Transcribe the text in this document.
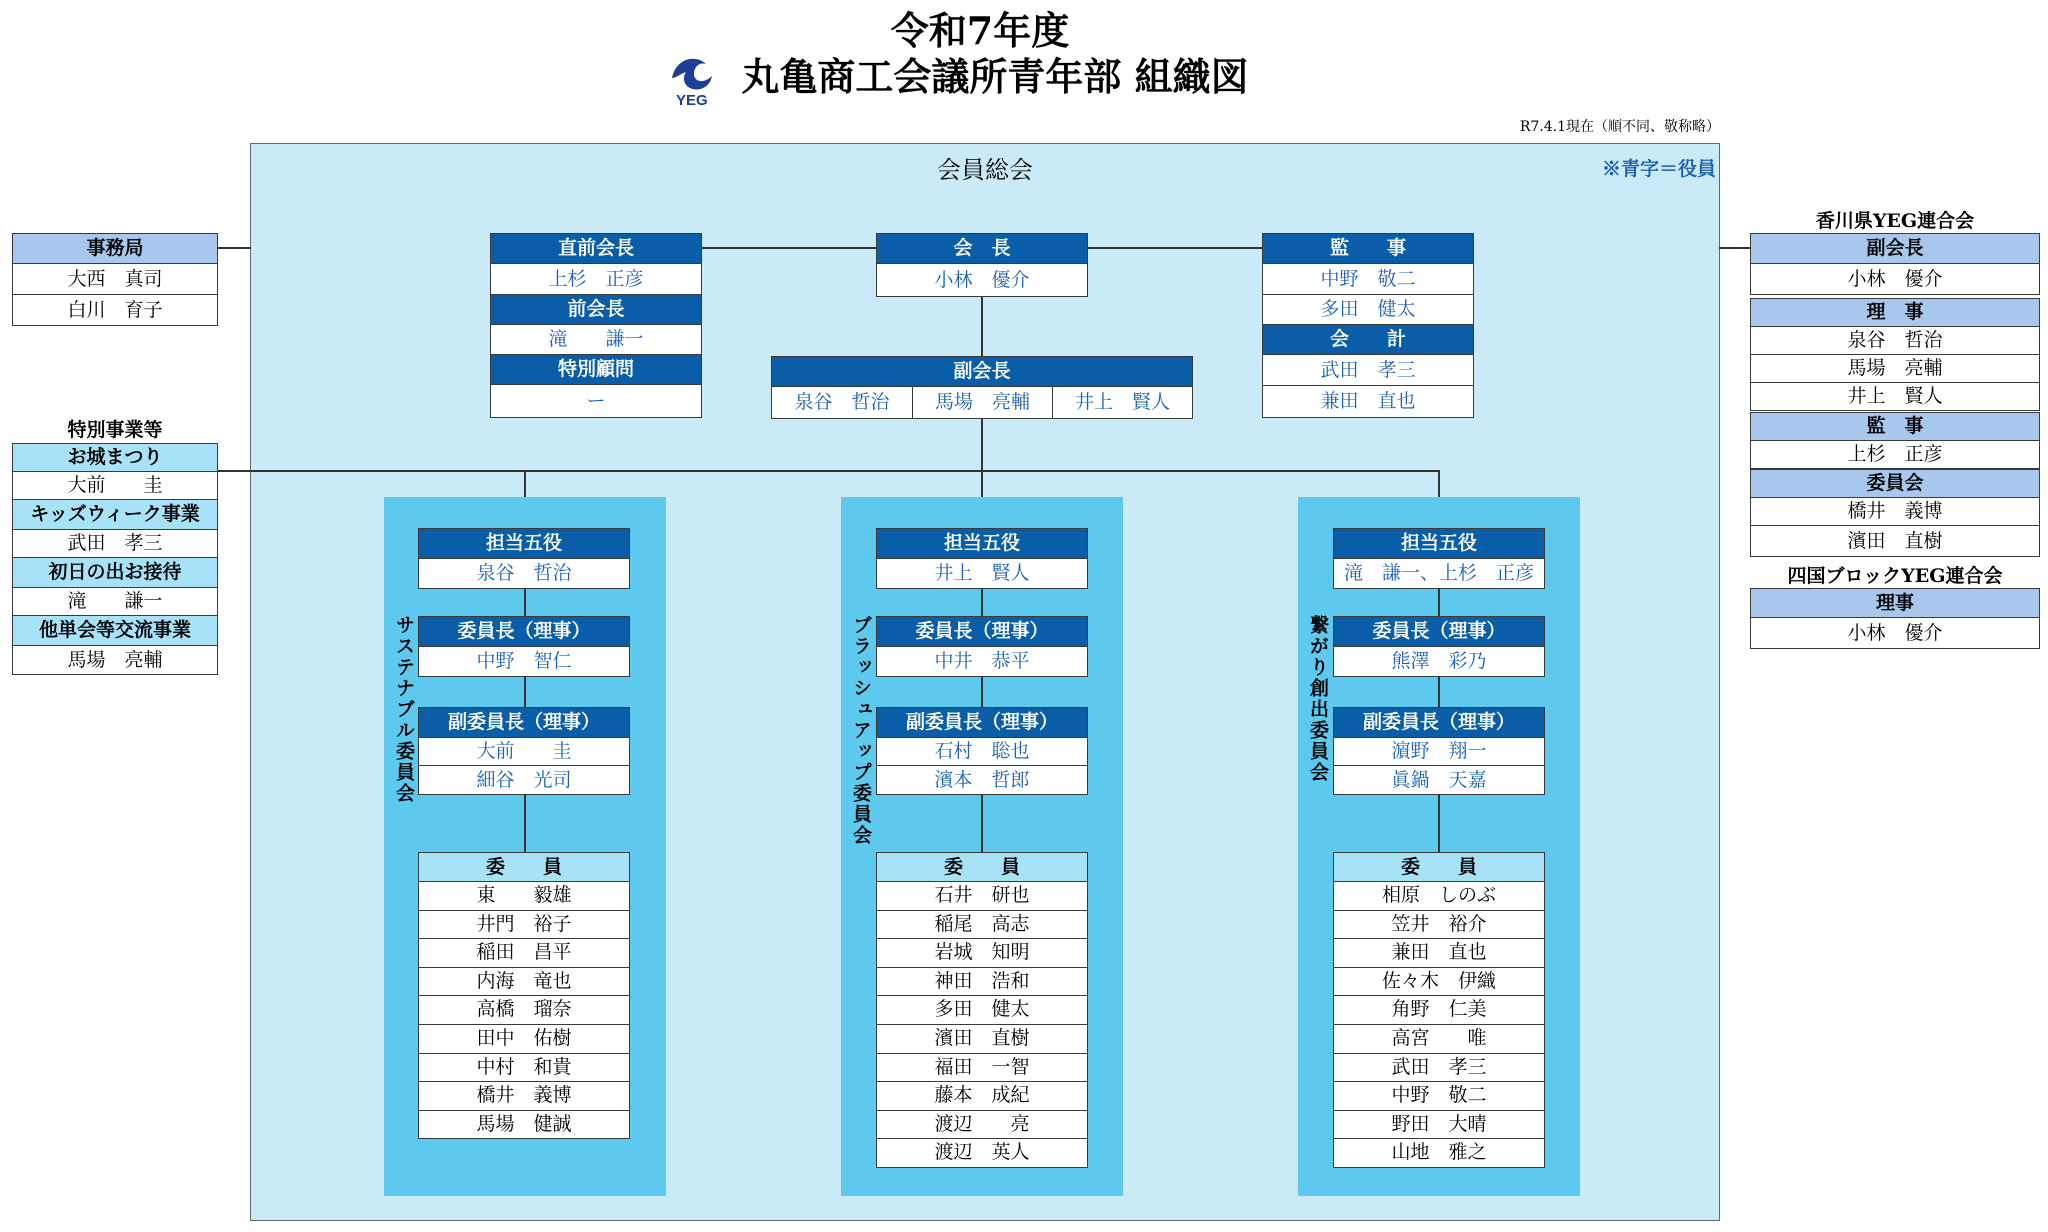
令和7年度
丸亀商工会議所青年部 組織図
YEG
R7.4.1現在（順不同、敬称略）
会員総会	※青字＝役員
事務局
大西　真司
白川　育子
特別事業等
お城まつり
大前　　圭
キッズウィーク事業
武田　孝三
初日の出お接待
滝　　謙一
他単会等交流事業
馬場　亮輔
直前会長
上杉　正彦
前会長
滝　　謙一
特別顧問
ー
会　長
小林　優介
副会長
泉谷　哲治	馬場　亮輔	井上　賢人
監　　事
中野　敬二
多田　健太
会　　計
武田　孝三
兼田　直也
サステナブル委員会
担当五役
泉谷　哲治
委員長（理事）
中野　智仁
副委員長（理事）
大前　　圭
細谷　光司
委　　員
東　　毅雄
井門　裕子
稲田　昌平
内海　竜也
高橋　瑠奈
田中　佑樹
中村　和貴
橋井　義博
馬場　健誠
ブラッシュアップ委員会
担当五役
井上　賢人
委員長（理事）
中井　恭平
副委員長（理事）
石村　聡也
濱本　哲郎
委　　員
石井　研也
稲尾　高志
岩城　知明
神田　浩和
多田　健太
濱田　直樹
福田　一智
藤本　成紀
渡辺　　亮
渡辺　英人
繋がり創出委員会
担当五役
滝　謙一、上杉　正彦
委員長（理事）
熊澤　彩乃
副委員長（理事）
濵野　翔一
眞鍋　天嘉
委　　員
相原　しのぶ
笠井　裕介
兼田　直也
佐々木　伊織
角野　仁美
高宮　　唯
武田　孝三
中野　敬二
野田　大晴
山地　雅之
香川県YEG連合会
副会長
小林　優介
理　事
泉谷　哲治
馬場　亮輔
井上　賢人
監　事
上杉　正彦
委員会
橋井　義博
濱田　直樹
四国ブロックYEG連合会
理事
小林　優介
